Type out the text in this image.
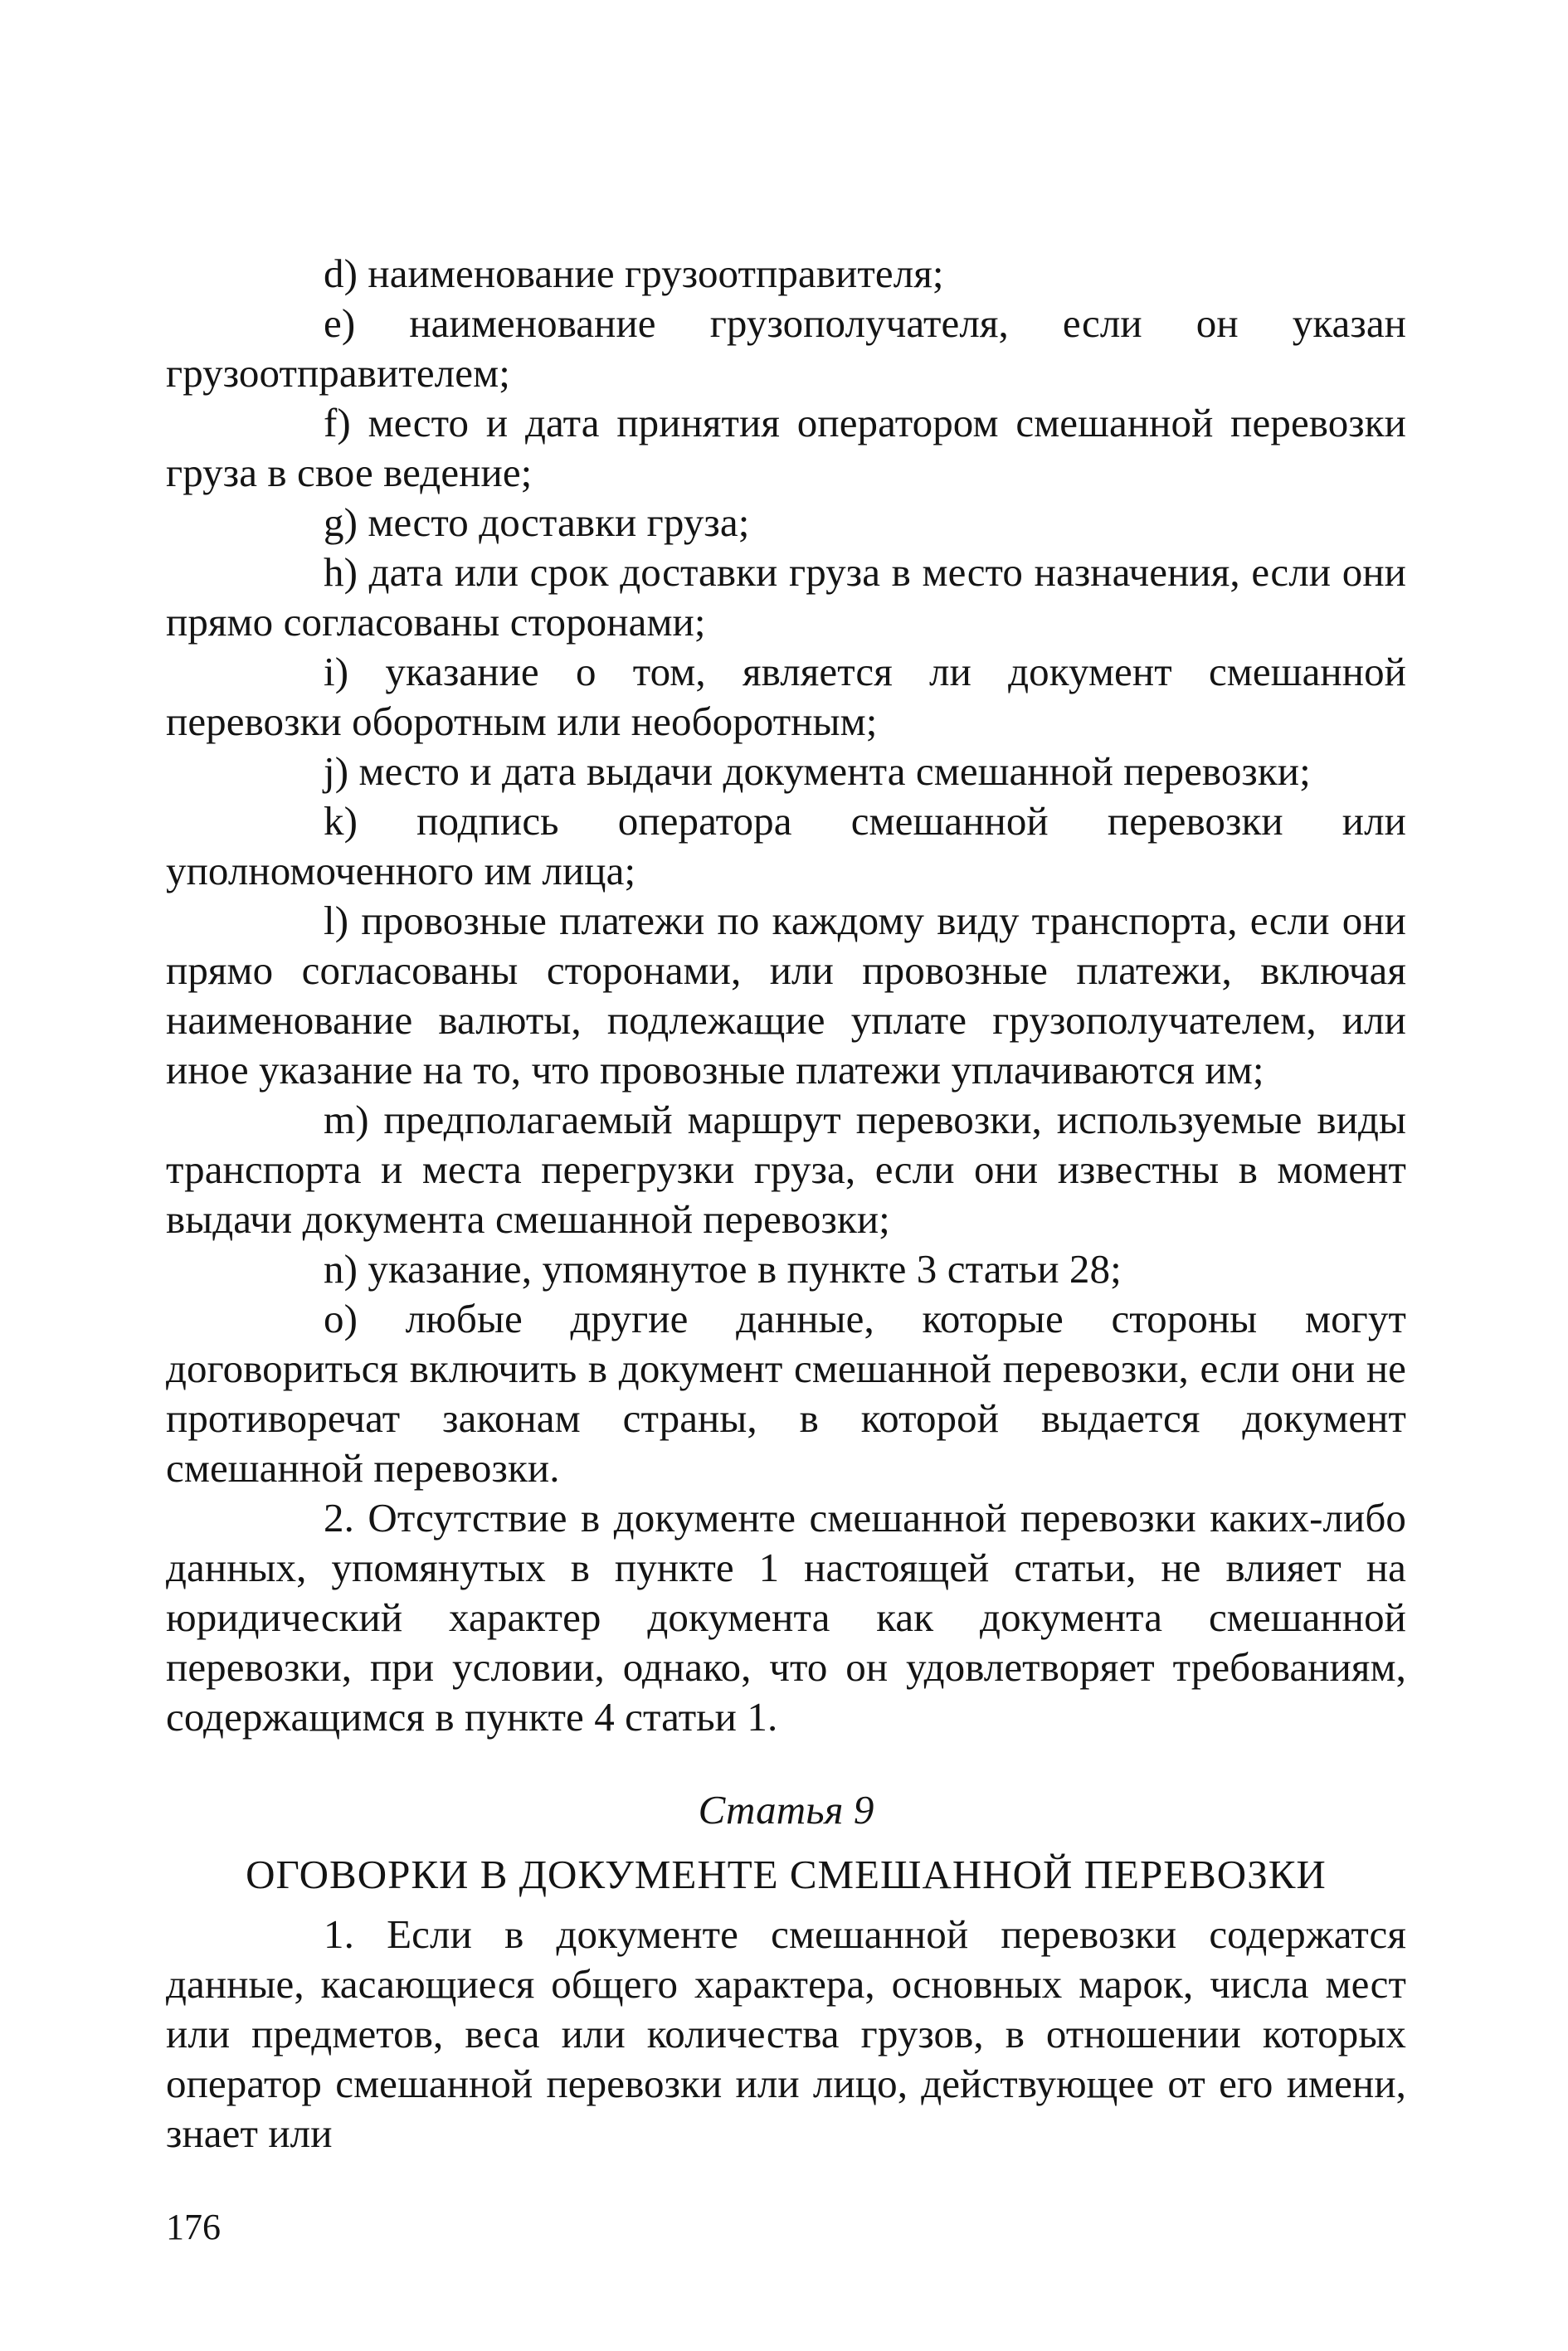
d) наименование грузоотправителя;

е) наименование грузополучателя, если он указан грузоотправителем;

f) место и дата принятия оператором смешанной перевозки груза в свое ведение;

g) место доставки груза;

h) дата или срок доставки груза в место назначения, если они прямо согласованы сторонами;

i) указание о том, является ли документ смешанной перевозки оборотным или необоротным;

j) место и дата выдачи документа смешанной перевозки;

k) подпись оператора смешанной перевозки или уполномоченного им лица;

l) провозные платежи по каждому виду транспорта, если они прямо согласованы сторонами, или провозные платежи, включая наименование валюты, подлежащие уплате грузополучателем, или иное указание на то, что провозные платежи уплачиваются им;

m) предполагаемый маршрут перевозки, используемые виды транспорта и места перегрузки груза, если они известны в момент выдачи документа смешанной перевозки;

n) указание, упомянутое в пункте 3 статьи 28;

о) любые другие данные, которые стороны могут договориться включить в документ смешанной перевозки, если они не противоречат законам страны, в которой выдается документ смешанной перевозки.

2. Отсутствие в документе смешанной перевозки каких-либо данных, упомянутых в пункте 1 настоящей статьи, не влияет на юридический характер документа как документа смешанной перевозки, при условии, однако, что он удовлетворяет требованиям, содержащимся в пункте 4 статьи 1.

Статья 9
ОГОВОРКИ В ДОКУМЕНТЕ СМЕШАННОЙ ПЕРЕВОЗКИ

1. Если в документе смешанной перевозки содержатся данные, касающиеся общего характера, основных марок, числа мест или предметов, веса или количества грузов, в отношении которых оператор смешанной перевозки или лицо, действующее от его имени, знает или

176
